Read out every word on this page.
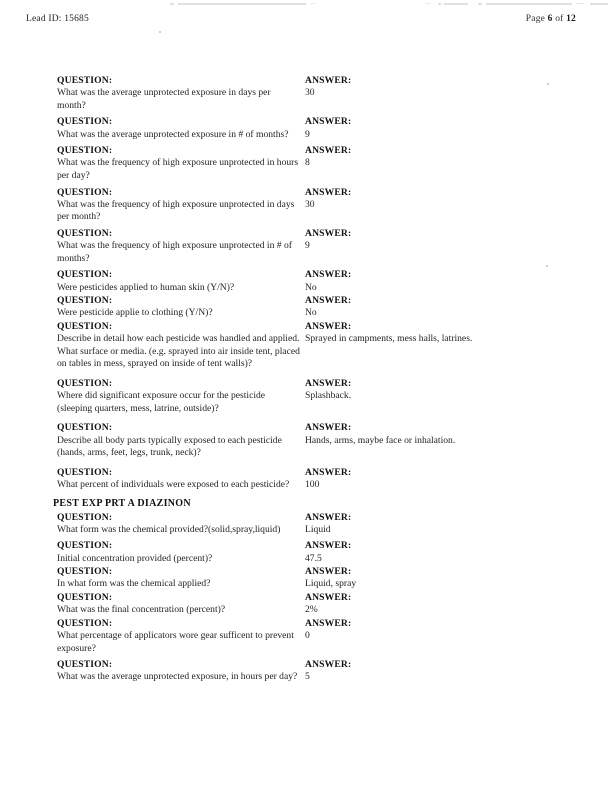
Lead ID: 15685	Page 6 of 12
QUESTION:
What was the average unprotected exposure in days per month?
ANSWER:
30
QUESTION:
What was the average unprotected exposure in # of months?
ANSWER:
9
QUESTION:
What was the frequency of high exposure unprotected in hours per day?
ANSWER:
8
QUESTION:
What was the frequency of high exposure unprotected in days per month?
ANSWER:
30
QUESTION:
What was the frequency of high exposure unprotected in # of months?
ANSWER:
9
QUESTION:
Were pesticides applied to human skin (Y/N)?
ANSWER:
No
QUESTION:
Were pesticide applie to clothing (Y/N)?
ANSWER:
No
QUESTION:
Describe in detail how each pesticide was handled and applied. What surface or media. (e.g. sprayed into air inside tent, placed on tables in mess, sprayed on inside of tent walls)?
ANSWER:
Sprayed in campments, mess halls, latrines.
QUESTION:
Where did significant exposure occur for the pesticide (sleeping quarters, mess, latrine, outside)?
ANSWER:
Splashback.
QUESTION:
Describe all body parts typically exposed to each pesticide (hands, arms, feet, legs, trunk, neck)?
ANSWER:
Hands, arms, maybe face or inhalation.
QUESTION:
What percent of individuals were exposed to each pesticide?
ANSWER:
100
PEST EXP PRT A DIAZINON
QUESTION:
What form was the chemical provided?(solid,spray,liquid)
ANSWER:
Liquid
QUESTION:
Initial concentration provided (percent)?
ANSWER:
47.5
QUESTION:
In what form was the chemical applied?
ANSWER:
Liquid, spray
QUESTION:
What was the final concentration (percent)?
ANSWER:
2%
QUESTION:
What percentage of applicators wore gear sufficent to prevent exposure?
ANSWER:
0
QUESTION:
What was the average unprotected exposure, in hours per day?
ANSWER:
5
